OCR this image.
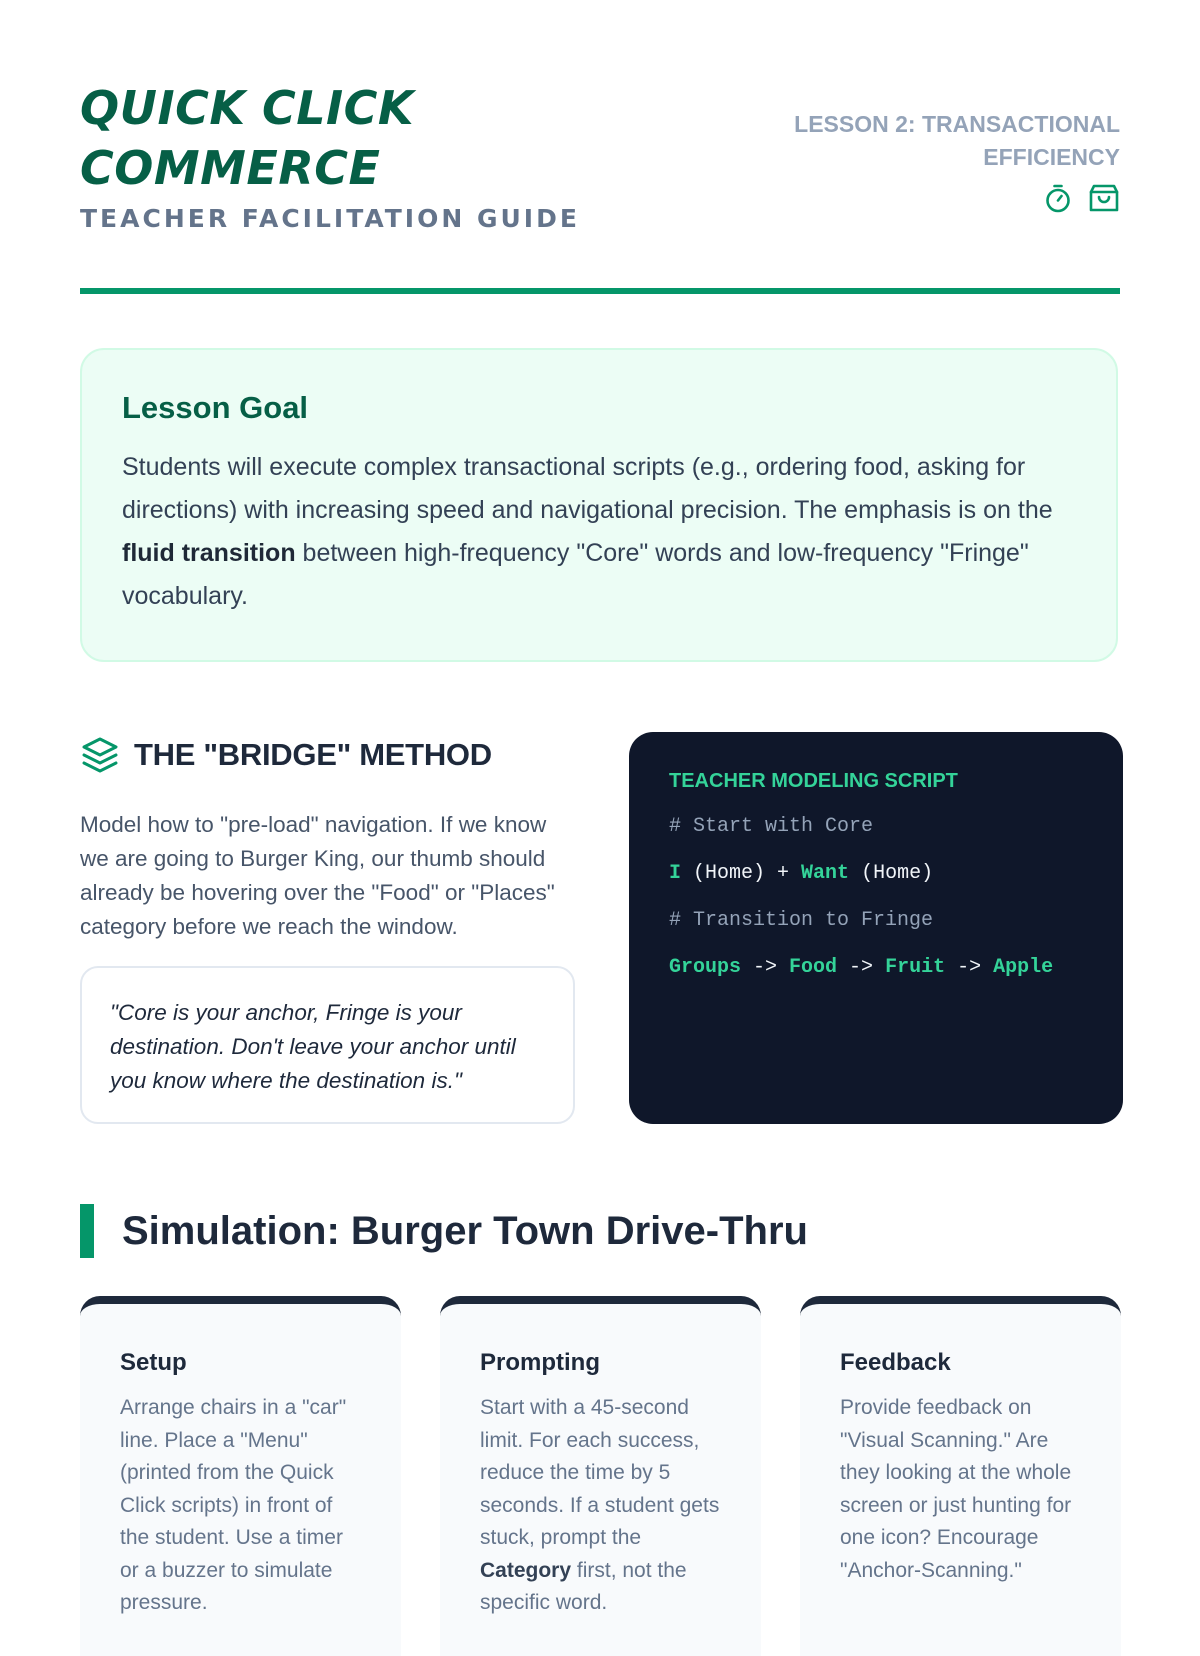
QUICK CLICK
COMMERCE
TEACHER FACILITATION GUIDE
LESSON 2: TRANSACTIONAL
EFFICIENCY
Lesson Goal

Students will execute complex transactional scripts (e.g., ordering food, asking for directions) with increasing speed and navigational precision. The emphasis is on the fluid transition between high-frequency "Core" words and low-frequency "Fringe" vocabulary.

THE "BRIDGE" METHOD

Model how to "pre-load" navigation. If we know we are going to Burger King, our thumb should already be hovering over the "Food" or "Places" category before we reach the window.

"Core is your anchor, Fringe is your destination. Don't leave your anchor until you know where the destination is."
TEACHER MODELING SCRIPT
# Start with Core
I (Home) + Want (Home)
# Transition to Fringe
Groups -> Food -> Fruit -> Apple
Simulation: Burger Town Drive-Thru
Setup

Arrange chairs in a "car" line. Place a "Menu" (printed from the Quick Click scripts) in front of the student. Use a timer or a buzzer to simulate pressure.

Prompting

Start with a 45-second limit. For each success, reduce the time by 5 seconds. If a student gets stuck, prompt the Category first, not the specific word.

Feedback

Provide feedback on "Visual Scanning." Are they looking at the whole screen or just hunting for one icon? Encourage "Anchor-Scanning."
